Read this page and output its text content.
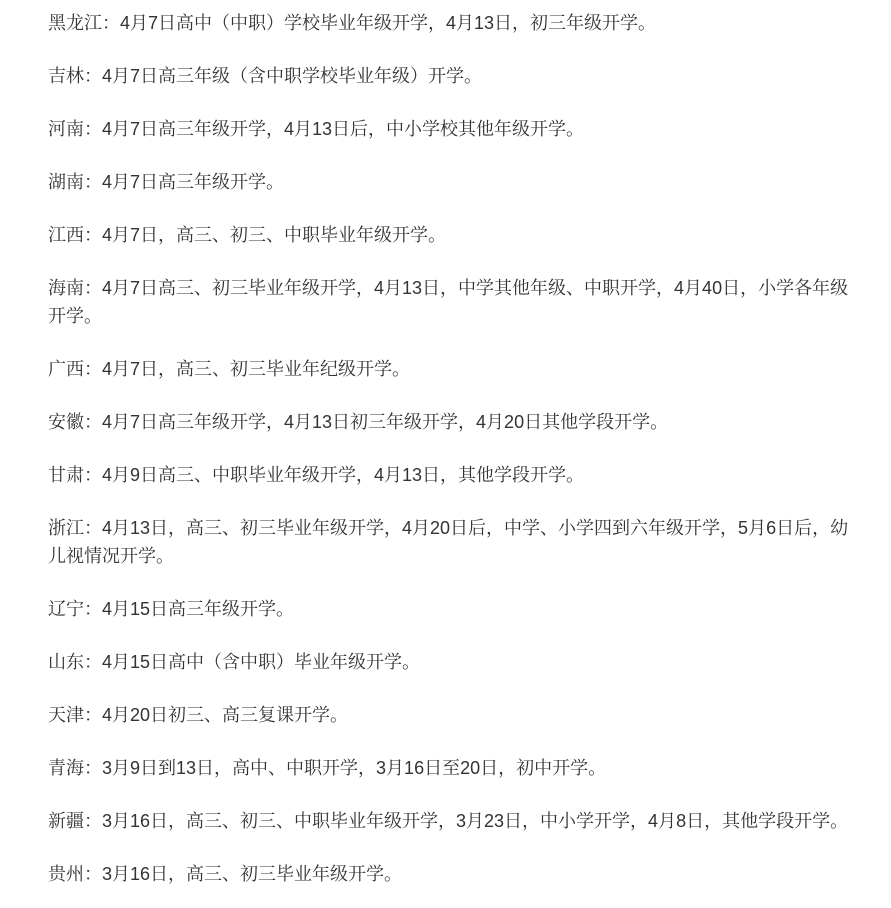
黑龙江：4月7日高中（中职）学校毕业年级开学，4月13日，初三年级开学。

吉林：4月7日高三年级（含中职学校毕业年级）开学。

河南：4月7日高三年级开学，4月13日后，中小学校其他年级开学。

湖南：4月7日高三年级开学。

江西：4月7日，高三、初三、中职毕业年级开学。

海南：4月7日高三、初三毕业年级开学，4月13日，中学其他年级、中职开学，4月40日，小学各年级开学。

广西：4月7日，高三、初三毕业年纪级开学。

安徽：4月7日高三年级开学，4月13日初三年级开学，4月20日其他学段开学。

甘肃：4月9日高三、中职毕业年级开学，4月13日，其他学段开学。

浙江：4月13日，高三、初三毕业年级开学，4月20日后，中学、小学四到六年级开学，5月6日后，幼儿视情况开学。

辽宁：4月15日高三年级开学。

山东：4月15日高中（含中职）毕业年级开学。

天津：4月20日初三、高三复课开学。

青海：3月9日到13日，高中、中职开学，3月16日至20日，初中开学。

新疆：3月16日，高三、初三、中职毕业年级开学，3月23日，中小学开学，4月8日，其他学段开学。

贵州：3月16日，高三、初三毕业年级开学。
